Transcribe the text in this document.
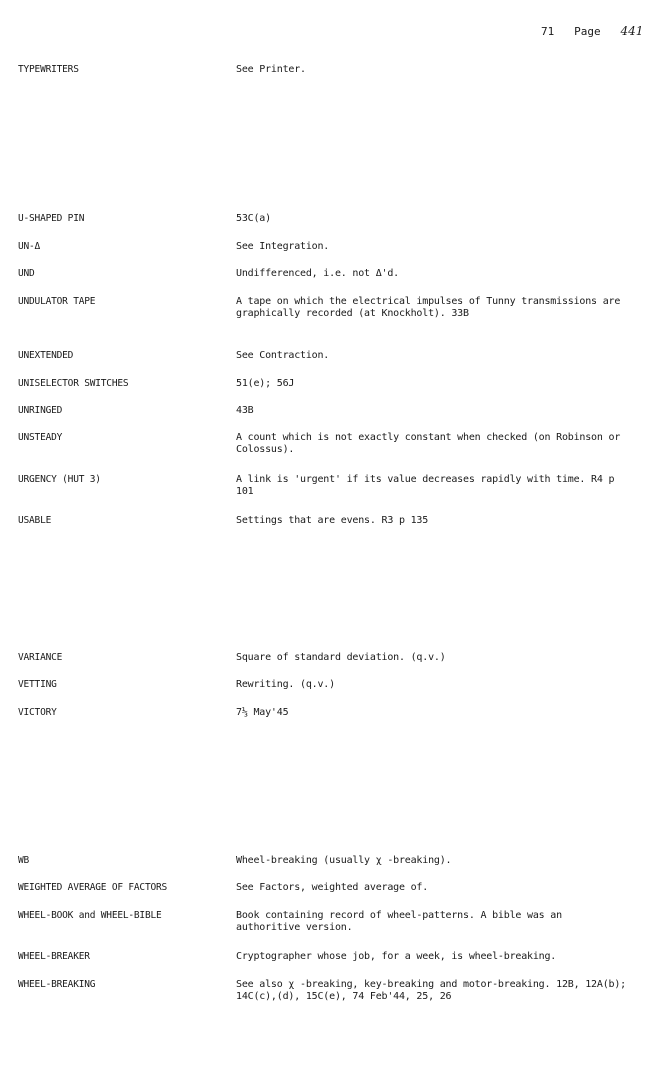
71 Page 441
TYPEWRITERS	See Printer.
U-SHAPED PIN	53C(a)
UN-Δ	See Integration.
UND	Undifferenced, i.e. not Δ'd.
UNDULATOR TAPE	A tape on which the electrical impulses of Tunny transmissions are graphically recorded (at Knockholt). 33B
UNEXTENDED	See Contraction.
UNISELECTOR SWITCHES	51(e); 56J
UNRINGED	43B
UNSTEADY	A count which is not exactly constant when checked (on Robinson or Colossus).
URGENCY (HUT 3)	A link is 'urgent' if its value decreases rapidly with time. R4 p 101
USABLE	Settings that are evens. R3 p 135
VARIANCE	Square of standard deviation. (q.v.)
VETTING	Rewriting. (q.v.)
VICTORY	7⅓ May'45
WB	Wheel-breaking (usually χ -breaking).
WEIGHTED AVERAGE OF FACTORS	See Factors, weighted average of.
WHEEL-BOOK and WHEEL-BIBLE	Book containing record of wheel-patterns. A bible was an authoritive version.
WHEEL-BREAKER	Cryptographer whose job, for a week, is wheel-breaking.
WHEEL-BREAKING	See also χ -breaking, key-breaking and motor-breaking. 12B, 12A(b); 14C(c),(d), 15C(e), 74 Feb'44, 25, 26
